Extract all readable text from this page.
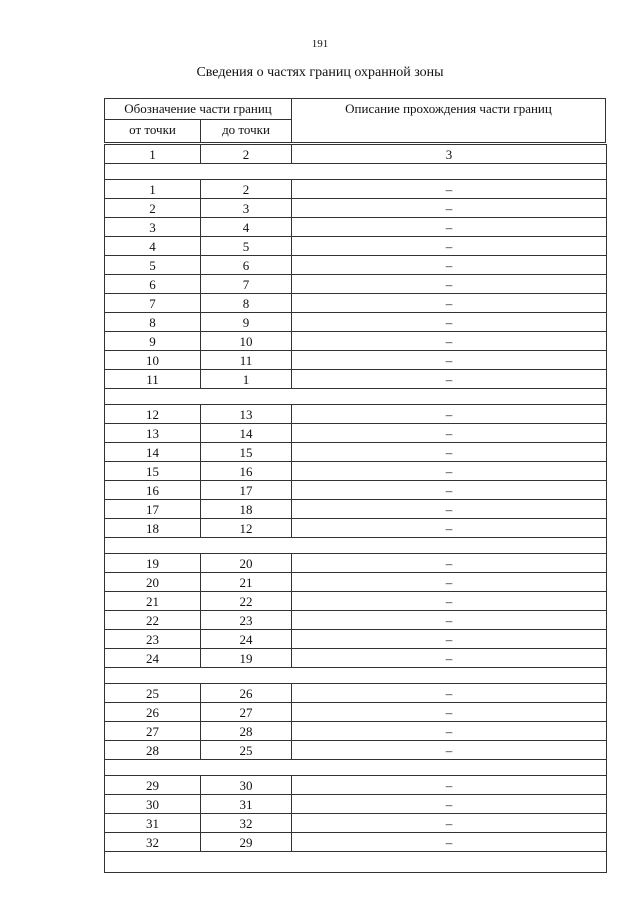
191
Сведения о частях границ охранной зоны
Обозначение части границ
от точки	до точки
Описание прохождения части границ
1	2	3

1	2	–
2	3	–
3	4	–
4	5	–
5	6	–
6	7	–
7	8	–
8	9	–
9	10	–
10	11	–
11	1	–

12	13	–
13	14	–
14	15	–
15	16	–
16	17	–
17	18	–
18	12	–

19	20	–
20	21	–
21	22	–
22	23	–
23	24	–
24	19	–

25	26	–
26	27	–
27	28	–
28	25	–

29	30	–
30	31	–
31	32	–
32	29	–
